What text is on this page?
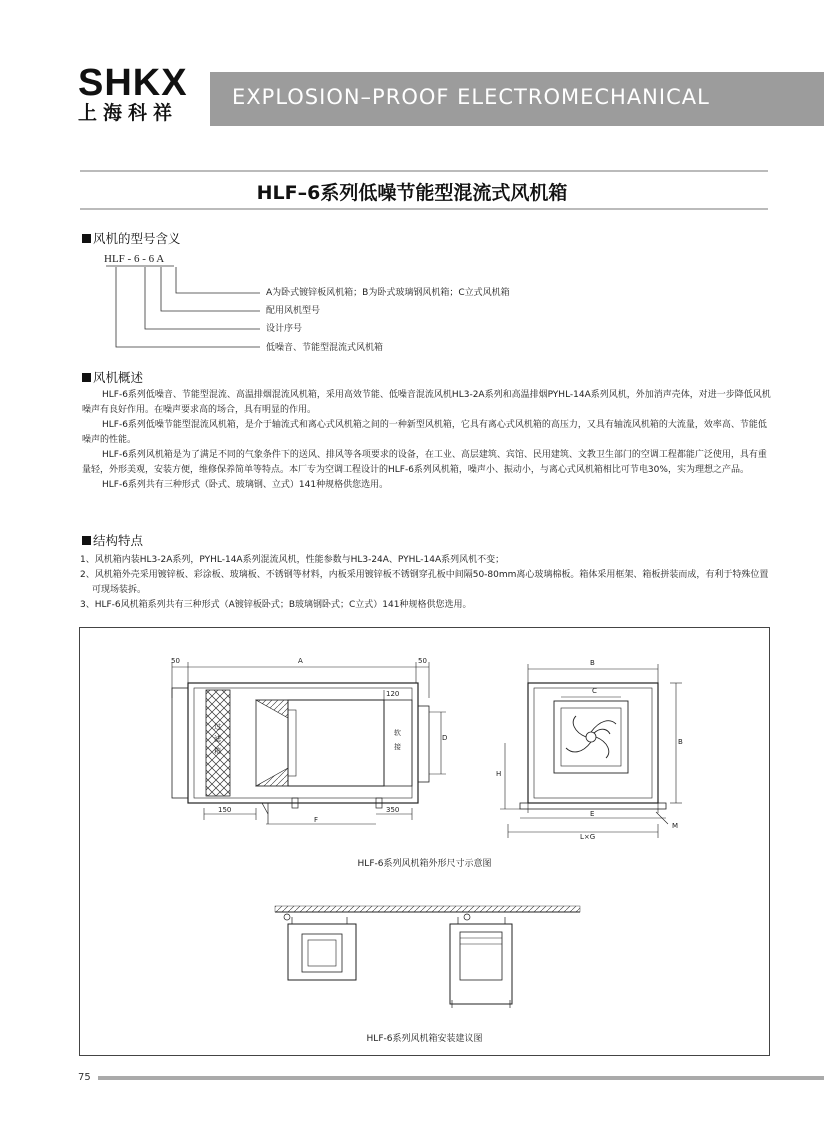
SHKX
上海科祥
EXPLOSION–PROOF ELECTROMECHANICAL
HLF–6系列低噪节能型混流式风机箱
风机的型号含义
HLF - 6 - 6 A
A为卧式镀锌板风机箱；B为卧式玻璃钢风机箱；C立式风机箱
配用风机型号
设计序号
低噪音、节能型混流式风机箱
风机概述
HLF-6系列低噪音、节能型混流、高温排烟混流风机箱，采用高效节能、低噪音混流风机HL3-2A系列和高温排烟PYHL-14A系列风机，外加消声壳体，对进一步降低风机噪声有良好作用。在噪声要求高的场合，具有明显的作用。
HLF-6系列低噪节能型混流风机箱，是介于轴流式和离心式风机箱之间的一种新型风机箱，它具有离心式风机箱的高压力，又具有轴流风机箱的大流量，效率高、节能低噪声的性能。
HLF-6系列风机箱是为了满足不同的气象条件下的送风、排风等各项要求的设备，在工业、高层建筑、宾馆、民用建筑、文教卫生部门的空调工程都能广泛使用，具有重量轻，外形美观，安装方便，维修保养简单等特点。本厂专为空调工程设计的HLF-6系列风机箱，噪声小、振动小，与离心式风机箱相比可节电30%，实为理想之产品。
HLF-6系列共有三种形式（卧式、玻璃钢、立式）141种规格供您选用。
结构特点
1、风机箱内装HL3-2A系列，PYHL-14A系列混流风机，性能参数与HL3-24A、PYHL-14A系列风机不变；
2、风机箱外壳采用镀锌板、彩涂板、玻璃板、不锈钢等材料，内板采用镀锌板不锈钢穿孔板中间隔50-80mm离心玻璃棉板。箱体采用框架、箱板拼装而成，有利于特殊位置可现场装拆。
3、HLF-6风机箱系列共有三种形式（A镀锌板卧式；B玻璃钢卧式；C立式）141种规格供您选用。
50	A	50
120
D
过
滤
箱
软
接
150
F
350
B
C
B
H
E
M
L×G
HLF-6系列风机箱外形尺寸示意图
HLF-6系列风机箱安装建议图
75
